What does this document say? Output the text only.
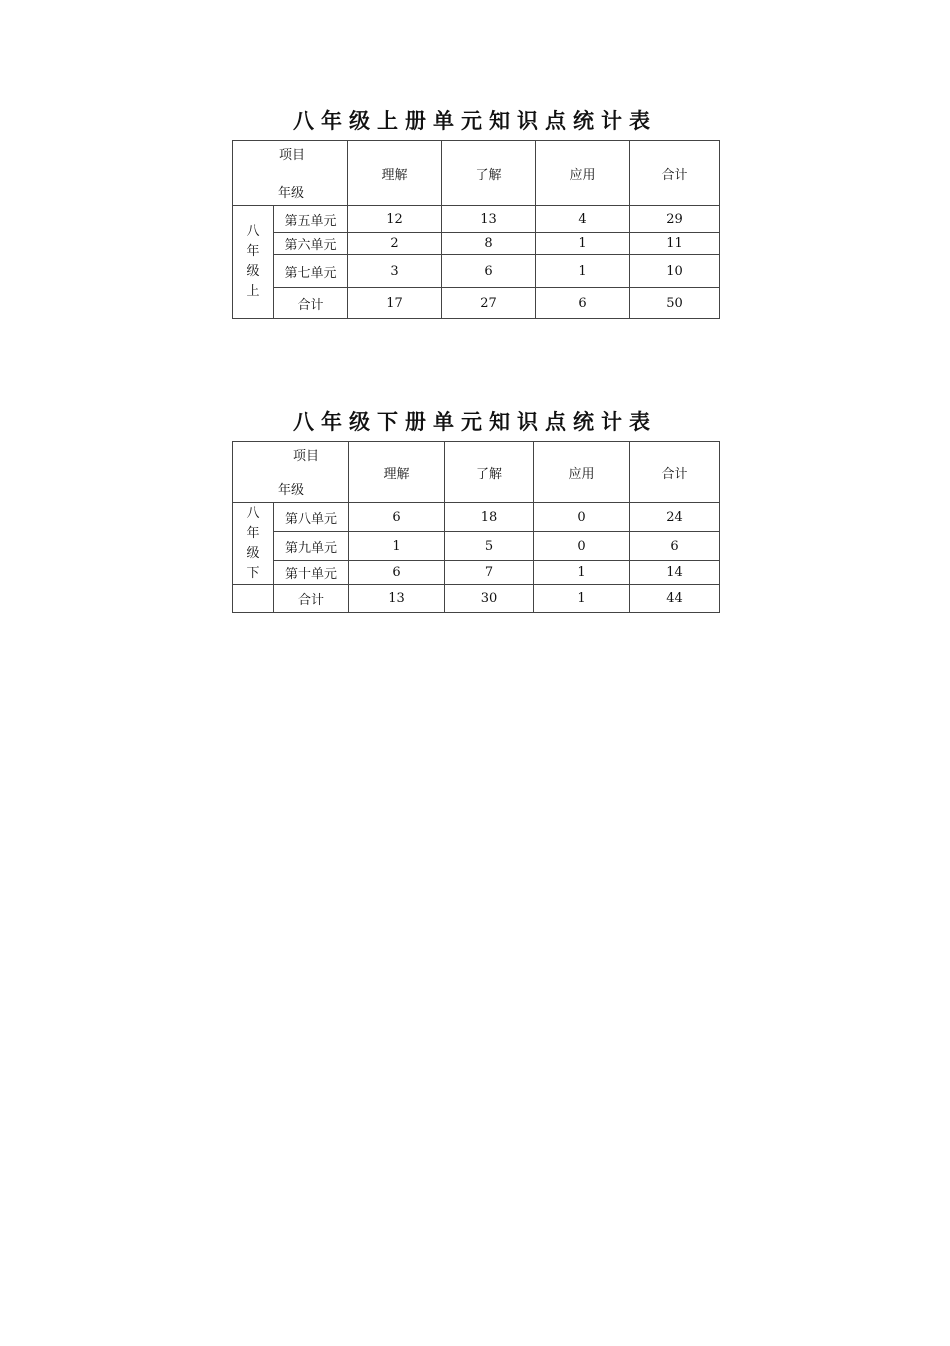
八年级上册单元知识点统计表
项目
年级		理解	了解	应用	合计

八
年
级
上	第五单元	12	13	4	29
	第六单元	2	8	1	11
	第七单元	3	6	1	10
	合计	17	27	6	50
八年级下册单元知识点统计表
项目
年级		理解	了解	应用	合计

八
年
级
下	第八单元	6	18	0	24
	第九单元	1	5	0	6
	第十单元	6	7	1	14
	合计	13	30	1	44
